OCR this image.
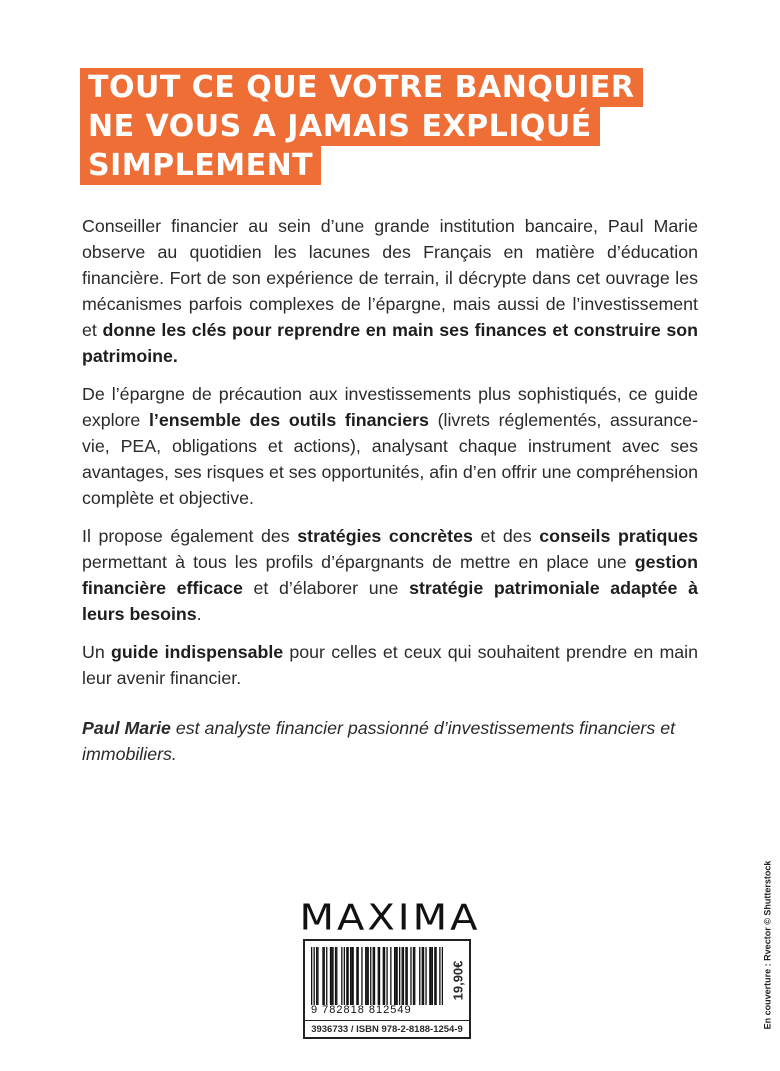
TOUT CE QUE VOTRE BANQUIER
NE VOUS A JAMAIS EXPLIQUÉ
SIMPLEMENT

Conseiller financier au sein d’une grande institution bancaire, Paul Marie observe au quotidien les lacunes des Français en matière d’éducation financière. Fort de son expérience de terrain, il décrypte dans cet ouvrage les mécanismes parfois complexes de l’épargne, mais aussi de l’investissement et donne les clés pour reprendre en main ses finances et construire son patrimoine.

De l’épargne de précaution aux investissements plus sophistiqués, ce guide explore l’ensemble des outils financiers (livrets réglementés, assurance-vie, PEA, obligations et actions), analysant chaque instrument avec ses avantages, ses risques et ses opportunités, afin d’en offrir une compréhension complète et objective.

Il propose également des stratégies concrètes et des conseils pratiques permettant à tous les profils d’épargnants de mettre en place une gestion financière efficace et d’élaborer une stratégie patrimoniale adaptée à leurs besoins.

Un guide indispensable pour celles et ceux qui souhaitent prendre en main leur avenir financier.

Paul Marie est analyste financier passionné d’investissements financiers et immobiliers.

MAXIMA
9 782818 812549
19,90€
3936733 / ISBN 978-2-8188-1254-9
En couverture : Rvector © Shutterstock
